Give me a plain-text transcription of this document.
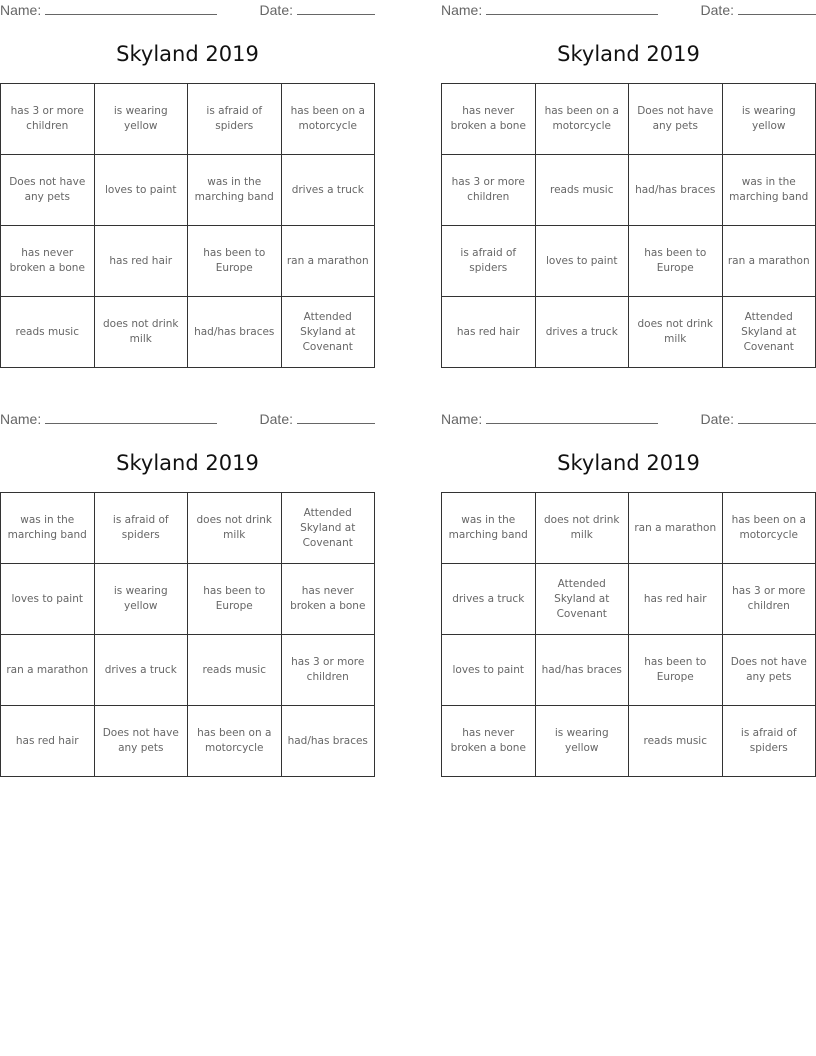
Name:	Date:
Skyland 2019
has 3 or more children	is wearing yellow	is afraid of spiders	has been on a motorcycle
Does not have any pets	loves to paint	was in the marching band	drives a truck
has never broken a bone	has red hair	has been to Europe	ran a marathon
reads music	does not drink milk	had/has braces	Attended Skyland at Covenant
Name:	Date:
Skyland 2019
has never broken a bone	has been on a motorcycle	Does not have any pets	is wearing yellow
has 3 or more children	reads music	had/has braces	was in the marching band
is afraid of spiders	loves to paint	has been to Europe	ran a marathon
has red hair	drives a truck	does not drink milk	Attended Skyland at Covenant
Name:	Date:
Skyland 2019
was in the marching band	is afraid of spiders	does not drink milk	Attended Skyland at Covenant
loves to paint	is wearing yellow	has been to Europe	has never broken a bone
ran a marathon	drives a truck	reads music	has 3 or more children
has red hair	Does not have any pets	has been on a motorcycle	had/has braces
Name:	Date:
Skyland 2019
was in the marching band	does not drink milk	ran a marathon	has been on a motorcycle
drives a truck	Attended Skyland at Covenant	has red hair	has 3 or more children
loves to paint	had/has braces	has been to Europe	Does not have any pets
has never broken a bone	is wearing yellow	reads music	is afraid of spiders
